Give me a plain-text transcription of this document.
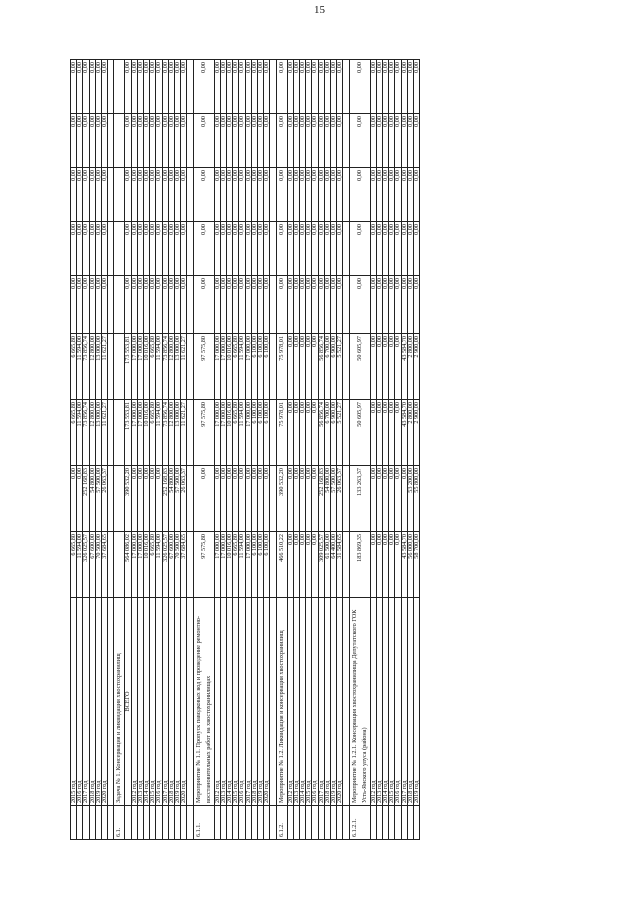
15
	2015 год	6 665,80	0,00	6 665,80	6 665,80	0,00	0,00	0,00	0,00	0,00
	2016 год	11 594,00	0,00	11 594,00	11 594,00	0,00	0,00	0,00	0,00	0,00
	2017 год	326 025,57	252 168,83	73 856,74	73 856,74	0,00	0,00	0,00	0,00	0,00
	2018 год	67 600,00	54 800,00	12 800,00	12 800,00	0,00	0,00	0,00	0,00	0,00
	2019 год	70 500,00	57 500,00	13 000,00	13 000,00	0,00	0,00	0,00	0,00	0,00
	2020 год	37 684,65	26 063,37	11 621,27	11 621,27	0,00	0,00	0,00	0,00	0,00

6.1.	Задача № 1. Консервация и ликвидация хвостохранилищ									
	ВСЕГО	564 086,02	390 532,20	173 553,81	173 553,81	0,00	0,00	0,00	0,00	0,00
	2012 год	17 000,00	0,00	17 000,00	17 000,00	0,00	0,00	0,00	0,00	0,00
	2013 год	17 000,00	0,00	17 000,00	17 000,00	0,00	0,00	0,00	0,00	0,00
	2014 год	10 016,00	0,00	10 016,00	10 016,00	0,00	0,00	0,00	0,00	0,00
	2015 год	6 665,80	0,00	6 665,80	6 665,80	0,00	0,00	0,00	0,00	0,00
	2016 год	11 594,00	0,00	11 594,00	11 594,00	0,00	0,00	0,00	0,00	0,00
	2017 год	326 025,57	252 168,83	73 856,74	73 856,74	0,00	0,00	0,00	0,00	0,00
	2018 год	67 600,00	54 800,00	12 800,00	12 800,00	0,00	0,00	0,00	0,00	0,00
	2019 год	70 500,00	57 500,00	13 000,00	13 000,00	0,00	0,00	0,00	0,00	0,00
	2020 год	37 684,65	26 063,37	11 621,27	11 621,27	0,00	0,00	0,00	0,00	0,00

6.1.1.	Мероприятие № 1.1. Пропуск паводковых вод и проведение ремонтно-восстановительных работ на хвостохранилищах	97 575,80	0,00	97 575,80	97 575,80	0,00	0,00	0,00	0,00	0,00
	2012 год	17 000,00	0,00	17 000,00	17 000,00	0,00	0,00	0,00	0,00	0,00
	2013 год	17 000,00	0,00	17 000,00	17 000,00	0,00	0,00	0,00	0,00	0,00
	2014 год	10 016,00	0,00	10 016,00	10 016,00	0,00	0,00	0,00	0,00	0,00
	2015 год	6 665,80	0,00	6 665,80	6 665,80	0,00	0,00	0,00	0,00	0,00
	2016 год	11 594,00	0,00	11 594,00	11 594,00	0,00	0,00	0,00	0,00	0,00
	2017 год	17 000,00	0,00	17 000,00	17 000,00	0,00	0,00	0,00	0,00	0,00
	2018 год	6 100,00	0,00	6 100,00	6 100,00	0,00	0,00	0,00	0,00	0,00
	2019 год	6 100,00	0,00	6 100,00	6 100,00	0,00	0,00	0,00	0,00	0,00
	2020 год	6 100,00	0,00	6 100,00	6 100,00	0,00	0,00	0,00	0,00	0,00

6.1.2.	Мероприятие № 1.2. Ликвидация и консервация хвостохранилищ	466 510,22	390 532,20	75 978,01	75 978,01	0,00	0,00	0,00	0,00	0,00
	2012 год	0,00	0,00	0,00	0,00	0,00	0,00	0,00	0,00	0,00
	2013 год	0,00	0,00	0,00	0,00	0,00	0,00	0,00	0,00	0,00
	2014 год	0,00	0,00	0,00	0,00	0,00	0,00	0,00	0,00	0,00
	2015 год	0,00	0,00	0,00	0,00	0,00	0,00	0,00	0,00	0,00
	2016 год	0,00	0,00	0,00	0,00	0,00	0,00	0,00	0,00	0,00
	2017 год	309 025,57	252 168,83	56 856,74	56 856,74	0,00	0,00	0,00	0,00	0,00
	2018 год	61 500,00	54 800,00	6 700,00	6 700,00	0,00	0,00	0,00	0,00	0,00
	2019 год	64 400,00	57 500,00	6 900,00	6 900,00	0,00	0,00	0,00	0,00	0,00
	2020 год	31 584,65	26 063,37	5 521,27	5 521,27	0,00	0,00	0,00	0,00	0,00

6.1.2.1.	Мероприятие № 1.2.1. Консервация хвостохранилища Депутатского ГОК Усть-Янского улуса (района)	183 869,35	133 263,37	50 605,97	50 605,97	0,00	0,00	0,00	0,00	0,00
	2012 год	0,00	0,00	0,00	0,00	0,00	0,00	0,00	0,00	0,00
	2013 год	0,00	0,00	0,00	0,00	0,00	0,00	0,00	0,00	0,00
	2014 год	0,00	0,00	0,00	0,00	0,00	0,00	0,00	0,00	0,00
	2015 год	0,00	0,00	0,00	0,00	0,00	0,00	0,00	0,00	0,00
	2016 год	0,00	0,00	0,00	0,00	0,00	0,00	0,00	0,00	0,00
	2017 год	43 584,70	0,00	43 584,70	43 584,70	0,00	0,00	0,00	0,00	0,00
	2018 год	56 000,00	53 200,00	2 800,00	2 800,00	0,00	0,00	0,00	0,00	0,00
	2019 год	58 700,00	55 800,00	2 900,00	2 900,00	0,00	0,00	0,00	0,00	0,00
